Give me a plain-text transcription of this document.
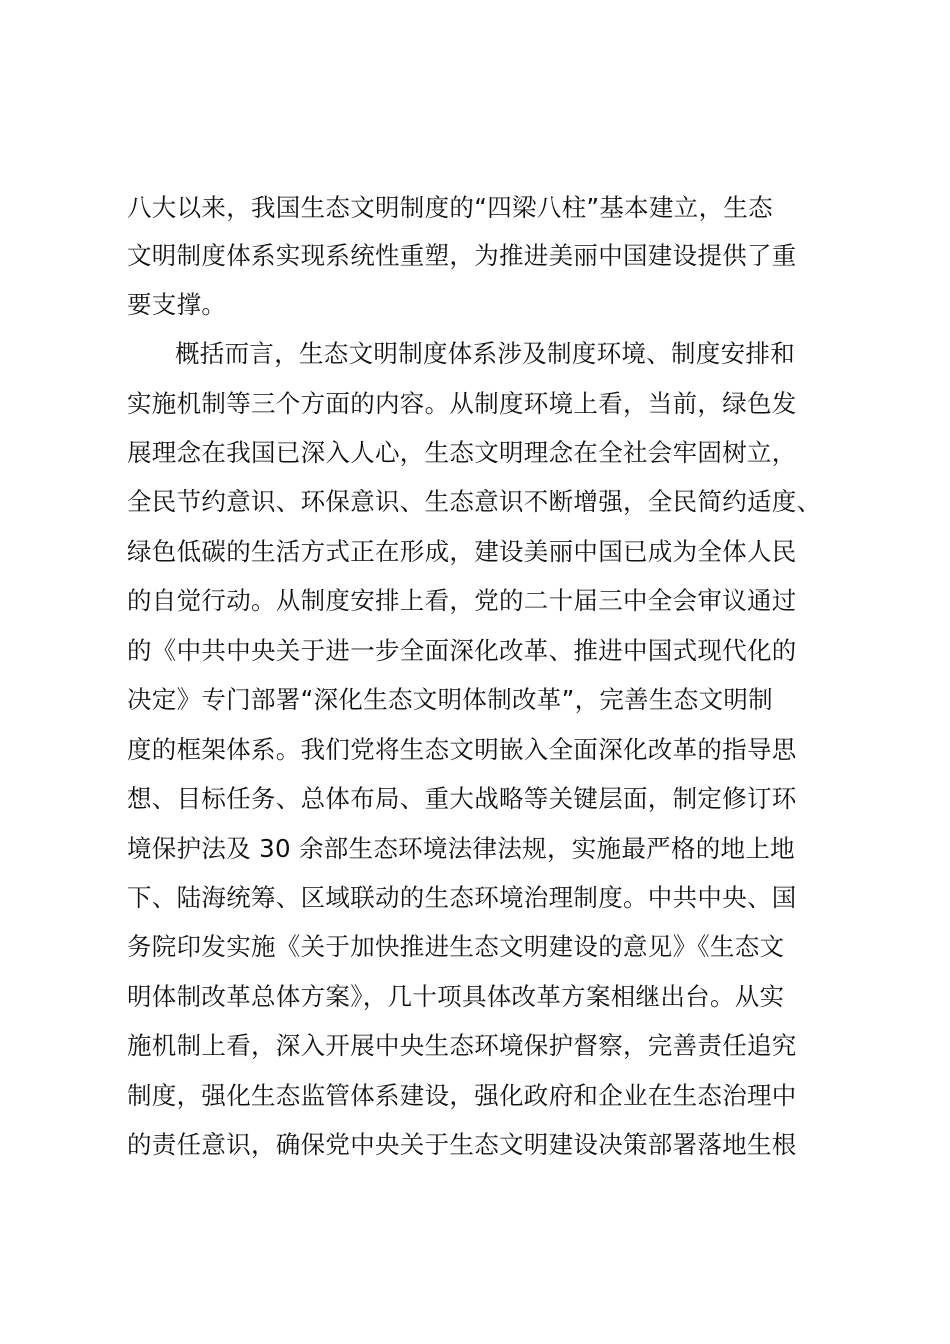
八大以来，我国生态文明制度的“四梁八柱”基本建立，生态
文明制度体系实现系统性重塑，为推进美丽中国建设提供了重
要支撑。
概括而言，生态文明制度体系涉及制度环境、制度安排和
实施机制等三个方面的内容。从制度环境上看，当前，绿色发
展理念在我国已深入人心，生态文明理念在全社会牢固树立，
全民节约意识、环保意识、生态意识不断增强，全民简约适度、
绿色低碳的生活方式正在形成，建设美丽中国已成为全体人民
的自觉行动。从制度安排上看，党的二十届三中全会审议通过
的《中共中央关于进一步全面深化改革、推进中国式现代化的
决定》专门部署“深化生态文明体制改革”，完善生态文明制
度的框架体系。我们党将生态文明嵌入全面深化改革的指导思
想、目标任务、总体布局、重大战略等关键层面，制定修订环
境保护法及 30 余部生态环境法律法规，实施最严格的地上地
下、陆海统筹、区域联动的生态环境治理制度。中共中央、国
务院印发实施《关于加快推进生态文明建设的意见》《生态文
明体制改革总体方案》，几十项具体改革方案相继出台。从实
施机制上看，深入开展中央生态环境保护督察，完善责任追究
制度，强化生态监管体系建设，强化政府和企业在生态治理中
的责任意识，确保党中央关于生态文明建设决策部署落地生根
